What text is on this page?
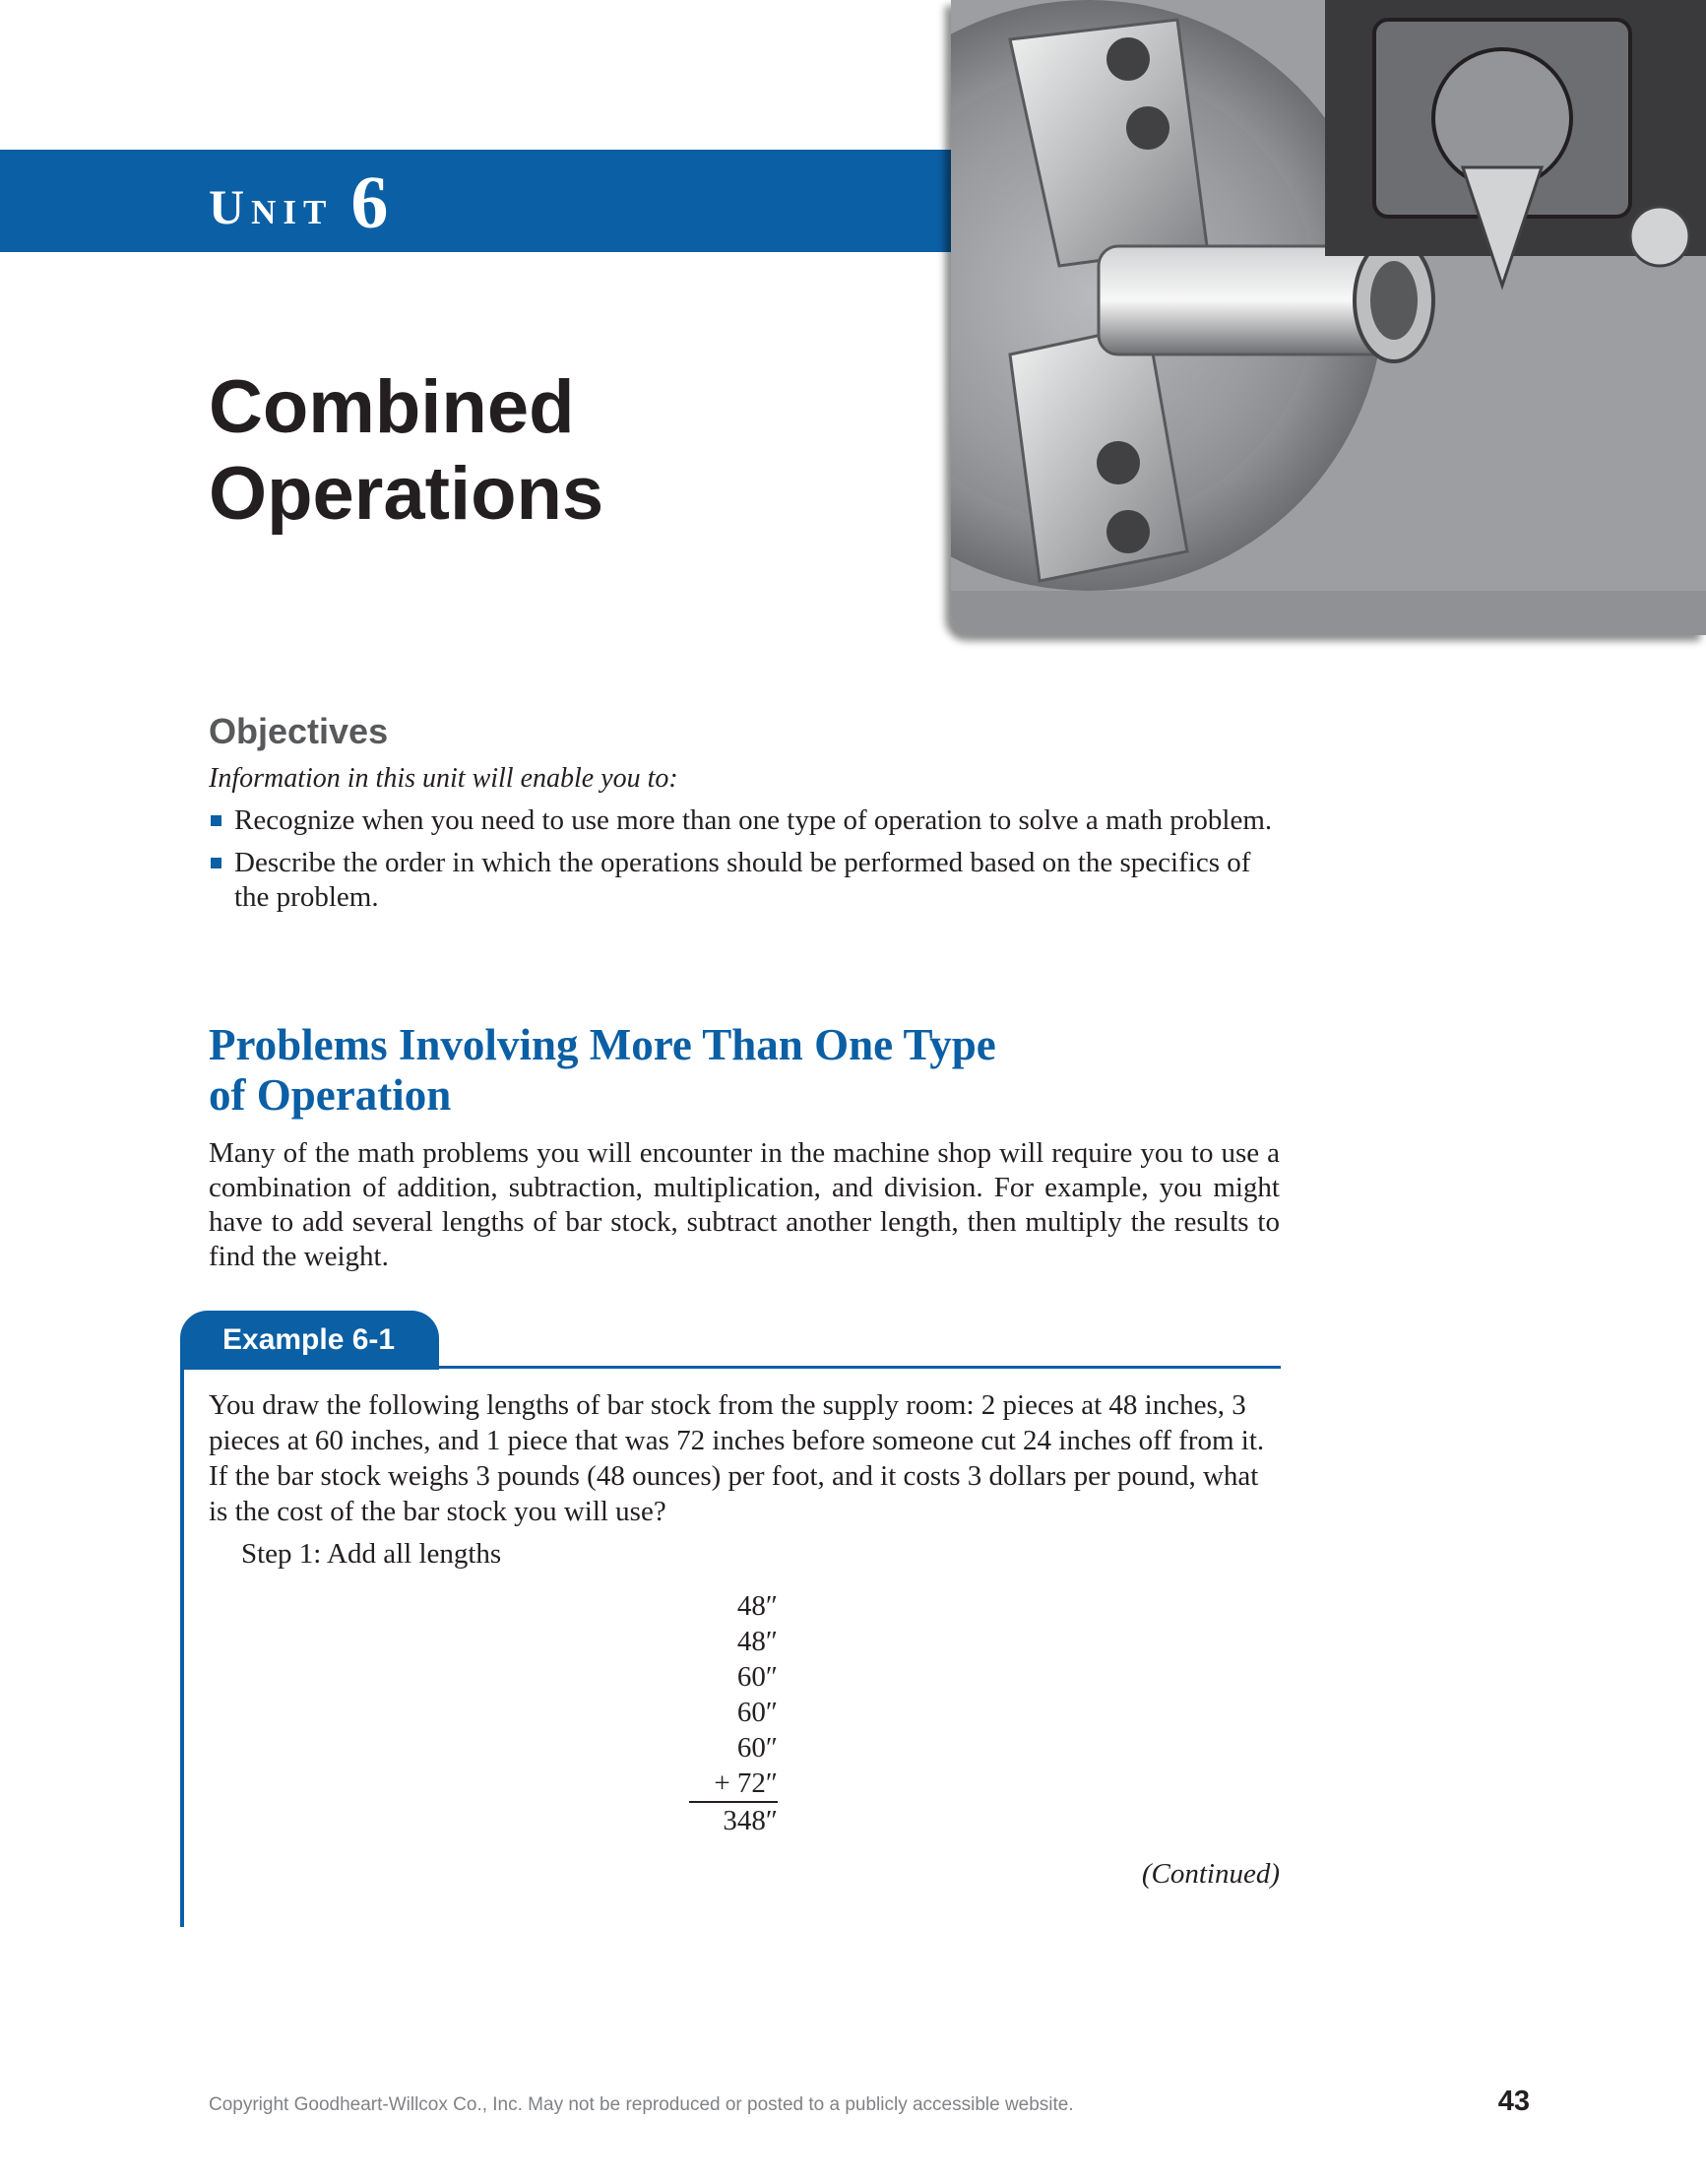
Unit 6
Combined
Operations
Objectives
Information in this unit will enable you to:
Recognize when you need to use more than one type of operation to solve a math problem.
Describe the order in which the operations should be performed based on the specifics of the problem.
Problems Involving More Than One Type
of Operation

Many of the math problems you will encounter in the machine shop will require you to use a combination of addition, subtraction, multiplication, and division. For example, you might have to add several lengths of bar stock, subtract another length, then multiply the results to find the weight.

Example 6-1

You draw the following lengths of bar stock from the supply room: 2 pieces at 48 inches, 3 pieces at 60 inches, and 1 piece that was 72 inches before someone cut 24 inches off from it. If the bar stock weighs 3 pounds (48 ounces) per foot, and it costs 3 dollars per pound, what is the cost of the bar stock you will use?

Step 1: Add all lengths
48″
48″
60″
60″
60″
+ 72″
348″
(Continued)
Copyright Goodheart-Willcox Co., Inc. May not be reproduced or posted to a publicly accessible website.	43
